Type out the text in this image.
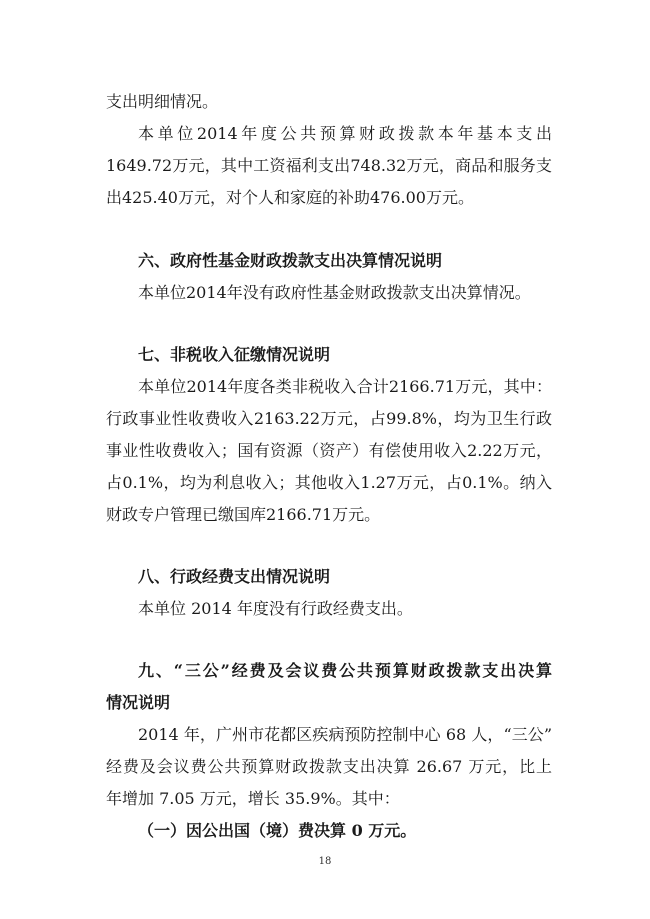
支出明细情况。
本单位2014年度公共预算财政拨款本年基本支出
1649.72万元，其中工资福利支出748.32万元，商品和服务支
出425.40万元，对个人和家庭的补助476.00万元。
六、政府性基金财政拨款支出决算情况说明
本单位2014年没有政府性基金财政拨款支出决算情况。
七、非税收入征缴情况说明
本单位2014年度各类非税收入合计2166.71万元，其中：
行政事业性收费收入2163.22万元，占99.8%，均为卫生行政
事业性收费收入；国有资源（资产）有偿使用收入2.22万元，
占0.1%，均为利息收入；其他收入1.27万元，占0.1%。纳入
财政专户管理已缴国库2166.71万元。
八、行政经费支出情况说明
本单位 2014 年度没有行政经费支出。
九、“三公”经费及会议费公共预算财政拨款支出决算
情况说明
2014 年，广州市花都区疾病预防控制中心 68 人，“三公”
经费及会议费公共预算财政拨款支出决算 26.67 万元，比上
年增加 7.05 万元，增长 35.9%。其中：
（一）因公出国（境）费决算 0 万元。
18
